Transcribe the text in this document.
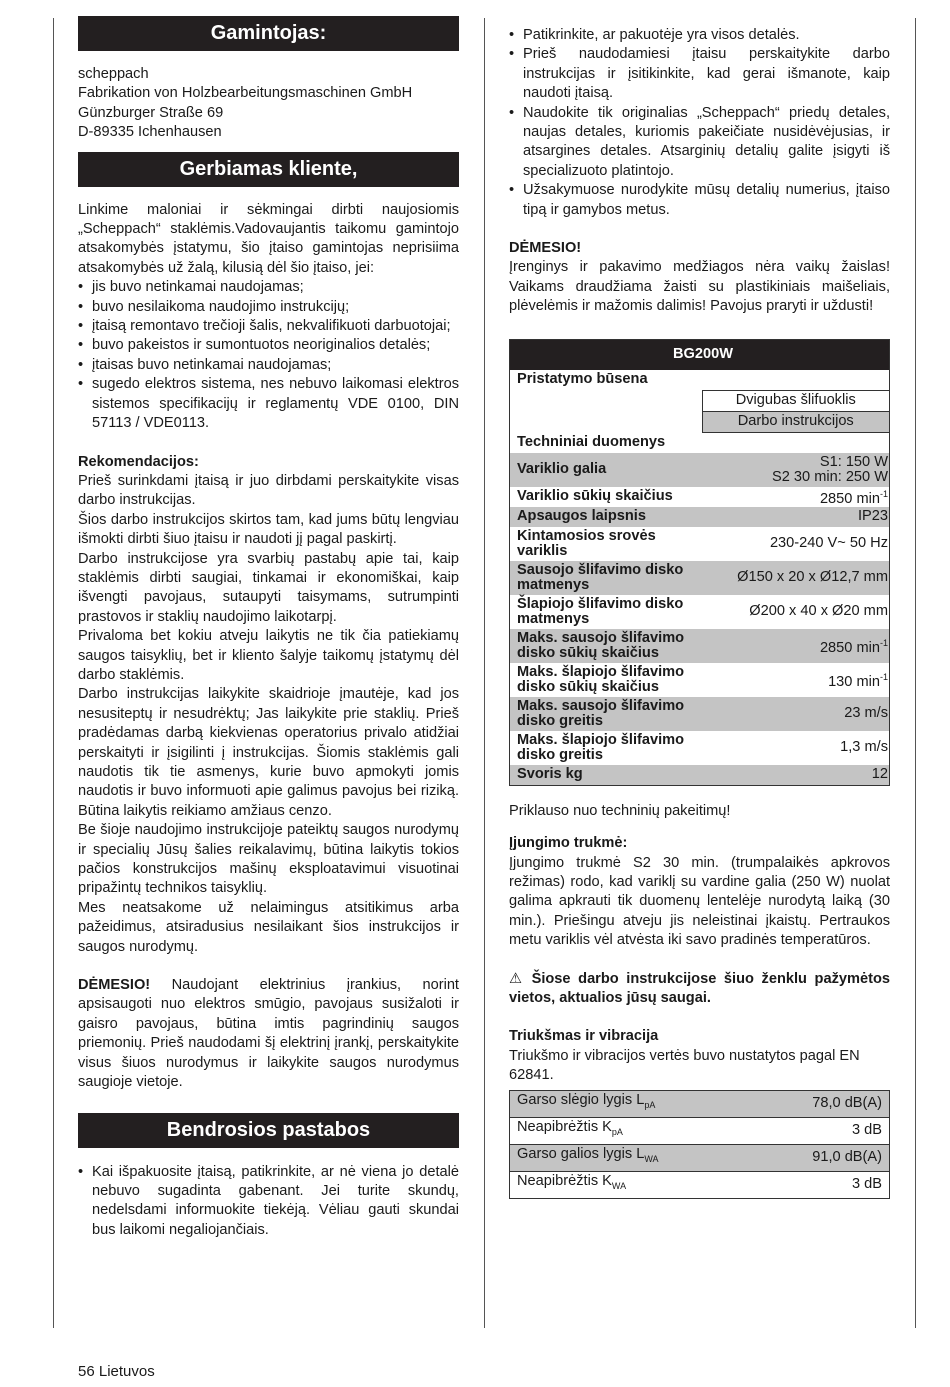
Gamintojas:

scheppach

Fabrikation von Holzbearbeitungsmaschinen GmbH

Günzburger Straße 69

D-89335 Ichenhausen

Gerbiamas kliente,

Linkime maloniai ir sėkmingai dirbti naujosiomis „Scheppach“ staklėmis.Vadovaujantis taikomu gamintojo atsakomybės įstatymu, šio įtaiso gamintojas neprisiima atsakomybės už žalą, kilusią dėl šio įtaiso, jei:

• jis buvo netinkamai naudojamas;
• buvo nesilaikoma naudojimo instrukcijų;
• įtaisą remontavo trečioji šalis, nekvalifikuoti darbuotojai;
• buvo pakeistos ir sumontuotos neoriginalios detalės;
• įtaisas buvo netinkamai naudojamas;
• sugedo elektros sistema, nes nebuvo laikomasi elektros sistemos specifikacijų ir reglamentų VDE 0100, DIN 57113 / VDE0113.

Rekomendacijos:

Prieš surinkdami įtaisą ir juo dirbdami perskaitykite visas darbo instrukcijas.

Šios darbo instrukcijos skirtos tam, kad jums būtų lengviau išmokti dirbti šiuo įtaisu ir naudoti jį pagal paskirtį.

Darbo instrukcijose yra svarbių pastabų apie tai, kaip staklėmis dirbti saugiai, tinkamai ir ekonomiškai, kaip išvengti pavojaus, sutaupyti taisymams, sutrumpinti prastovos ir staklių naudojimo laikotarpį.

Privaloma bet kokiu atveju laikytis ne tik čia patiekiamų saugos taisyklių, bet ir kliento šalyje taikomų įstatymų dėl darbo staklėmis.

Darbo instrukcijas laikykite skaidrioje įmautėje, kad jos nesusiteptų ir nesudrėktų; Jas laikykite prie staklių. Prieš pradėdamas darbą kiekvienas operatorius privalo atidžiai perskaityti ir įsigilinti į instrukcijas. Šiomis staklėmis gali naudotis tik tie asmenys, kurie buvo apmokyti jomis naudotis ir buvo informuoti apie galimus pavojus bei riziką. Būtina laikytis reikiamo amžiaus cenzo.

Be šioje naudojimo instrukcijoje pateiktų saugos nurodymų ir specialių Jūsų šalies reikalavimų, būtina laikytis tokios pačios konstrukcijos mašinų eksploatavimui visuotinai pripažintų technikos taisyklių.

Mes neatsakome už nelaimingus atsitikimus arba pažeidimus, atsiradusius nesilaikant šios instrukcijos ir saugos nurodymų.

DĖMESIO! Naudojant elektrinius įrankius, norint apsisaugoti nuo elektros smūgio, pavojaus susižaloti ir gaisro pavojaus, būtina imtis pagrindinių saugos priemonių. Prieš naudodami šį elektrinį įrankį, perskaitykite visus šiuos nurodymus ir laikykite saugos nurodymus saugioje vietoje.

Bendrosios pastabos
• Kai išpakuosite įtaisą, patikrinkite, ar nė viena jo detalė nebuvo sugadinta gabenant. Jei turite skundų, nedelsdami informuokite tiekėją. Vėliau gauti skundai bus laikomi negaliojančiais.
• Patikrinkite, ar pakuotėje yra visos detalės.
• Prieš naudodamiesi įtaisu perskaitykite darbo instrukcijas ir įsitikinkite, kad gerai išmanote, kaip naudoti įtaisą.
• Naudokite tik originalias „Scheppach“ priedų detales, naujas detales, kuriomis pakeičiate nusidėvėjusias, ir atsargines detales. Atsarginių detalių galite įsigyti iš specializuoto platintojo.
• Užsakymuose nurodykite mūsų detalių numerius, įtaiso tipą ir gamybos metus.

DĖMESIO!

Įrenginys ir pakavimo medžiagos nėra vaikų žaislas! Vaikams draudžiama žaisti su plastikiniais maišeliais, plėvelėmis ir mažomis dalimis! Pavojus praryti ir uždusti!

BG200W	
Pristatymo būsena	
	Dvigubas šlifuoklis
	Darbo instrukcijos
Techniniai duomenys	
Variklio galia	S1: 150 W
S2 30 min: 250 W

Variklio sūkių skaičius	2850 $\min^{-1}$
Apsaugos laipsnis	IP23
Kintamosios srovės variklis	230-240 V~ 50 Hz
Sausojo šlifavimo disko matmenys	Ø150 x 20 x Ø12,7 mm
Šlapiojo šlifavimo disko matmenys	Ø200 x 40 x Ø20 mm
Maks. sausojo šlifavimo disko sūkių skaičius	2850 $\min^{-1}$
Maks. šlapiojo šlifavimo disko sūkių skaičius	130 $\min^{-1}$
Maks. sausojo šlifavimo disko greitis	23 m/s
Maks. šlapiojo šlifavimo disko greitis	1,3 m/s
Svoris kg	12

Priklauso nuo techninių pakeitimų!

Įjungimo trukmė:

Įjungimo trukmė S2 30 min. (trumpalaikės apkrovos režimas) rodo, kad variklį su vardine galia (250 W) nuolat galima apkrauti tik duomenų lentelėje nurodytą laiką (30 min.). Priešingu atveju jis neleistinai įkaistų. Pertraukos metu variklis vėl atvėsta iki savo pradinės temperatūros.

⚠ Šiose darbo instrukcijose šiuo ženklu pažymėtos vietos, aktualios jūsų saugai.

Triukšmas ir vibracija

Triukšmo ir vibracijos vertės buvo nustatytos pagal EN 62841.

Garso slėgio lygis $L_{pA}$	78,0 dB(A)
Neapibrėžtis $K_{pA}$	3 dB
Garso galios lygis $L_{WA}$	91,0 dB(A)
Neapibrėžtis $K_{WA}$	3 dB
56 Lietuvos
